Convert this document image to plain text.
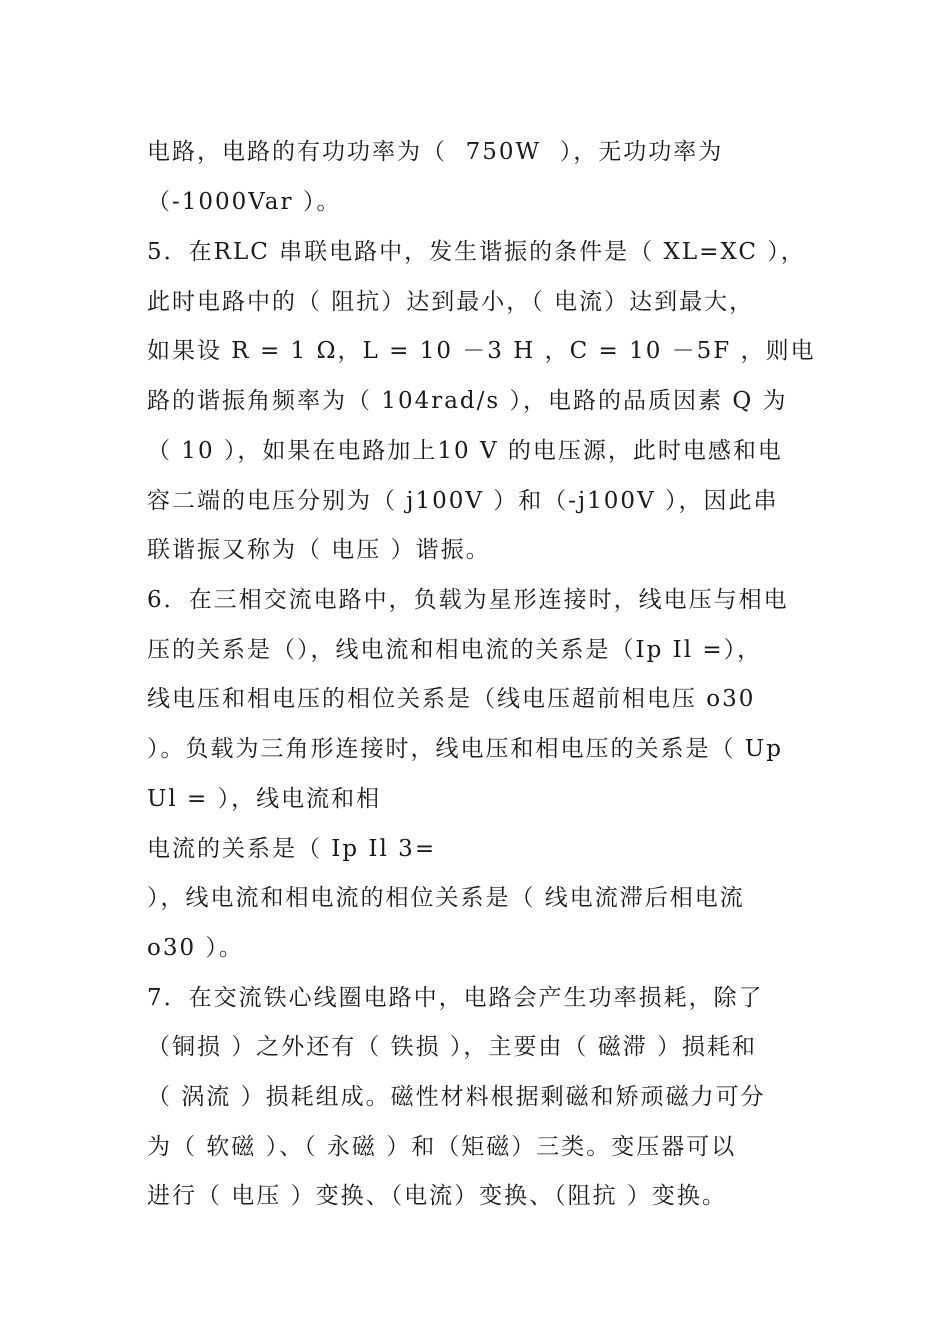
电路，电路的有功功率为（  750W  ），无功功率为
（-1000Var ）。
5．在RLC 串联电路中，发生谐振的条件是（ XL=XC ），
此时电路中的（ 阻抗）达到最小，（ 电流）达到最大，
如果设 R = 1 Ω，L = 10 －3 H ，C = 10 －5F ，则电
路的谐振角频率为（ 104rad/s ），电路的品质因素 Q 为
（ 10 ），如果在电路加上10 V 的电压源，此时电感和电
容二端的电压分别为（ j100V ）和（-j100V ），因此串
联谐振又称为（ 电压 ）谐振。
6．在三相交流电路中，负载为星形连接时，线电压与相电
压的关系是（），线电流和相电流的关系是（Ip Il =），
线电压和相电压的相位关系是（线电压超前相电压 o30
）。负载为三角形连接时，线电压和相电压的关系是（ Up
Ul = ），线电流和相
电流的关系是（ Ip Il 3=
），线电流和相电流的相位关系是（ 线电流滞后相电流
o30 ）。
7．在交流铁心线圈电路中，电路会产生功率损耗，除了
（铜损 ）之外还有（ 铁损 ），主要由（ 磁滞 ）损耗和
（ 涡流 ）损耗组成。磁性材料根据剩磁和矫顽磁力可分
为（ 软磁 ）、（ 永磁 ）和（矩磁）三类。变压器可以
进行（ 电压 ）变换、（电流）变换、（阻抗 ）变换。
